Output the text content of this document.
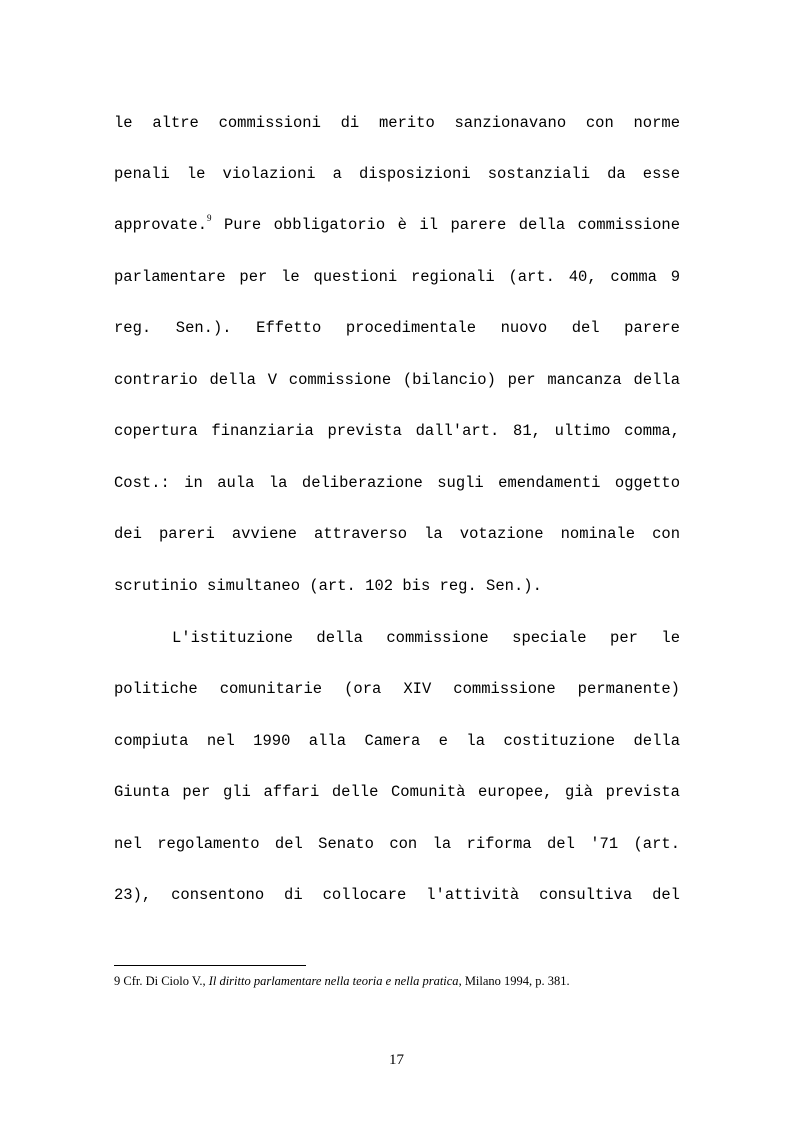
le altre commissioni di merito sanzionavano con norme
penali le violazioni a disposizioni sostanziali da esse
approvate.$^9$ Pure obbligatorio è il parere della commissione
parlamentare per le questioni regionali (art. 40, comma 9
reg. Sen.). Effetto procedimentale nuovo del parere
contrario della V commissione (bilancio) per mancanza della
copertura finanziaria prevista dall'art. 81, ultimo comma,
Cost.: in aula la deliberazione sugli emendamenti oggetto
dei pareri avviene attraverso la votazione nominale con
scrutinio simultaneo (art. 102 bis reg. Sen.).
L'istituzione della commissione speciale per le
politiche comunitarie (ora XIV commissione permanente)
compiuta nel 1990 alla Camera e la costituzione della
Giunta per gli affari delle Comunità europee, già prevista
nel regolamento del Senato con la riforma del '71 (art.
23), consentono di collocare l'attività consultiva del
9 Cfr. Di Ciolo V., Il diritto parlamentare nella teoria e nella pratica, Milano 1994, p. 381.
17
